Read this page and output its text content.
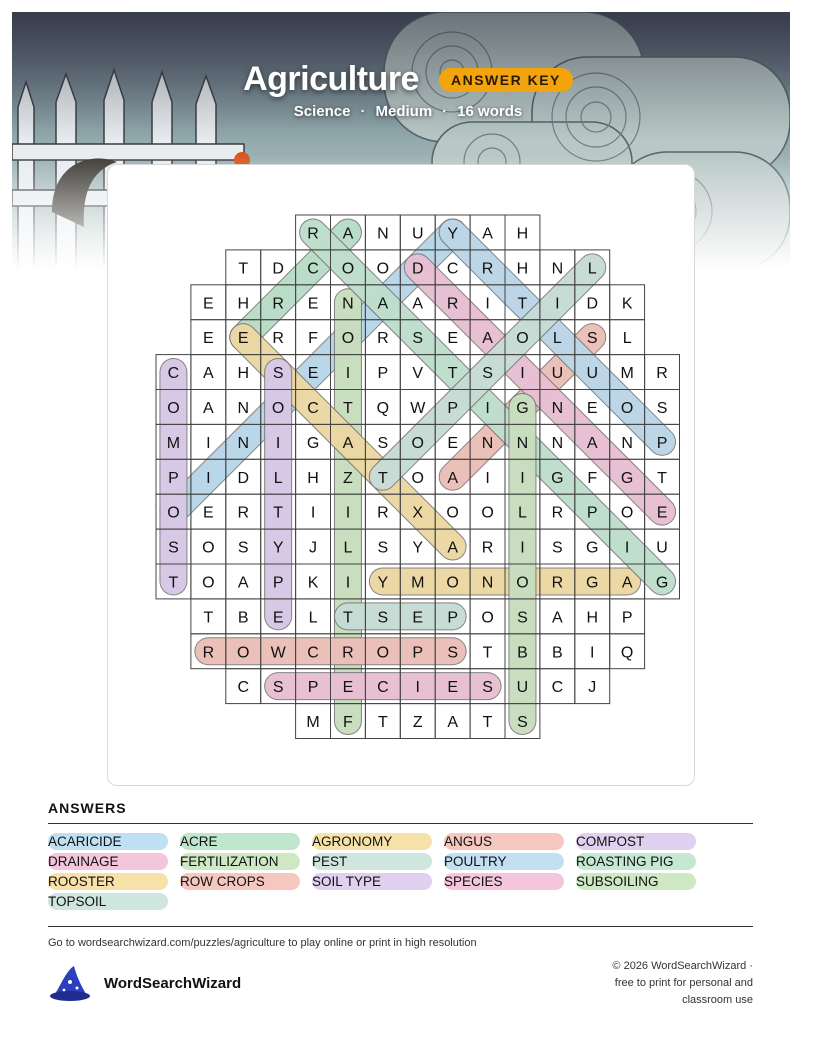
Agriculture	ANSWER KEY
Science · Medium · 16 words
R A N U Y A H
T D C O O D C R H N L
E H R E N A A R I T I D K
E E R F O R S E A O L S L
C A H S E I P V T S I U U M R
O A N O C T Q W P I G N E O S
M I N I G A S O E N N N A N P
P I D L H Z T O A I I G F G T
O E R T I I R X O O L R P O E
S O S Y J L S Y A R I S G I U
T O A P K I Y M O N O R G A G
T B E L T S E P O S A H P
R O W C R O P S T B B I Q
C S P E C I E S U C J
M F T Z A T S
ANSWERS
ACARICIDE	ACRE	AGRONOMY	ANGUS	COMPOST
DRAINAGE	FERTILIZATION	PEST	POULTRY	ROASTING PIG
ROOSTER	ROW CROPS	SOIL TYPE	SPECIES	SUBSOILING
TOPSOIL
Go to wordsearchwizard.com/puzzles/agriculture to play online or print in high resolution
WordSearchWizard
© 2026 WordSearchWizard ·
free to print for personal and
classroom use
